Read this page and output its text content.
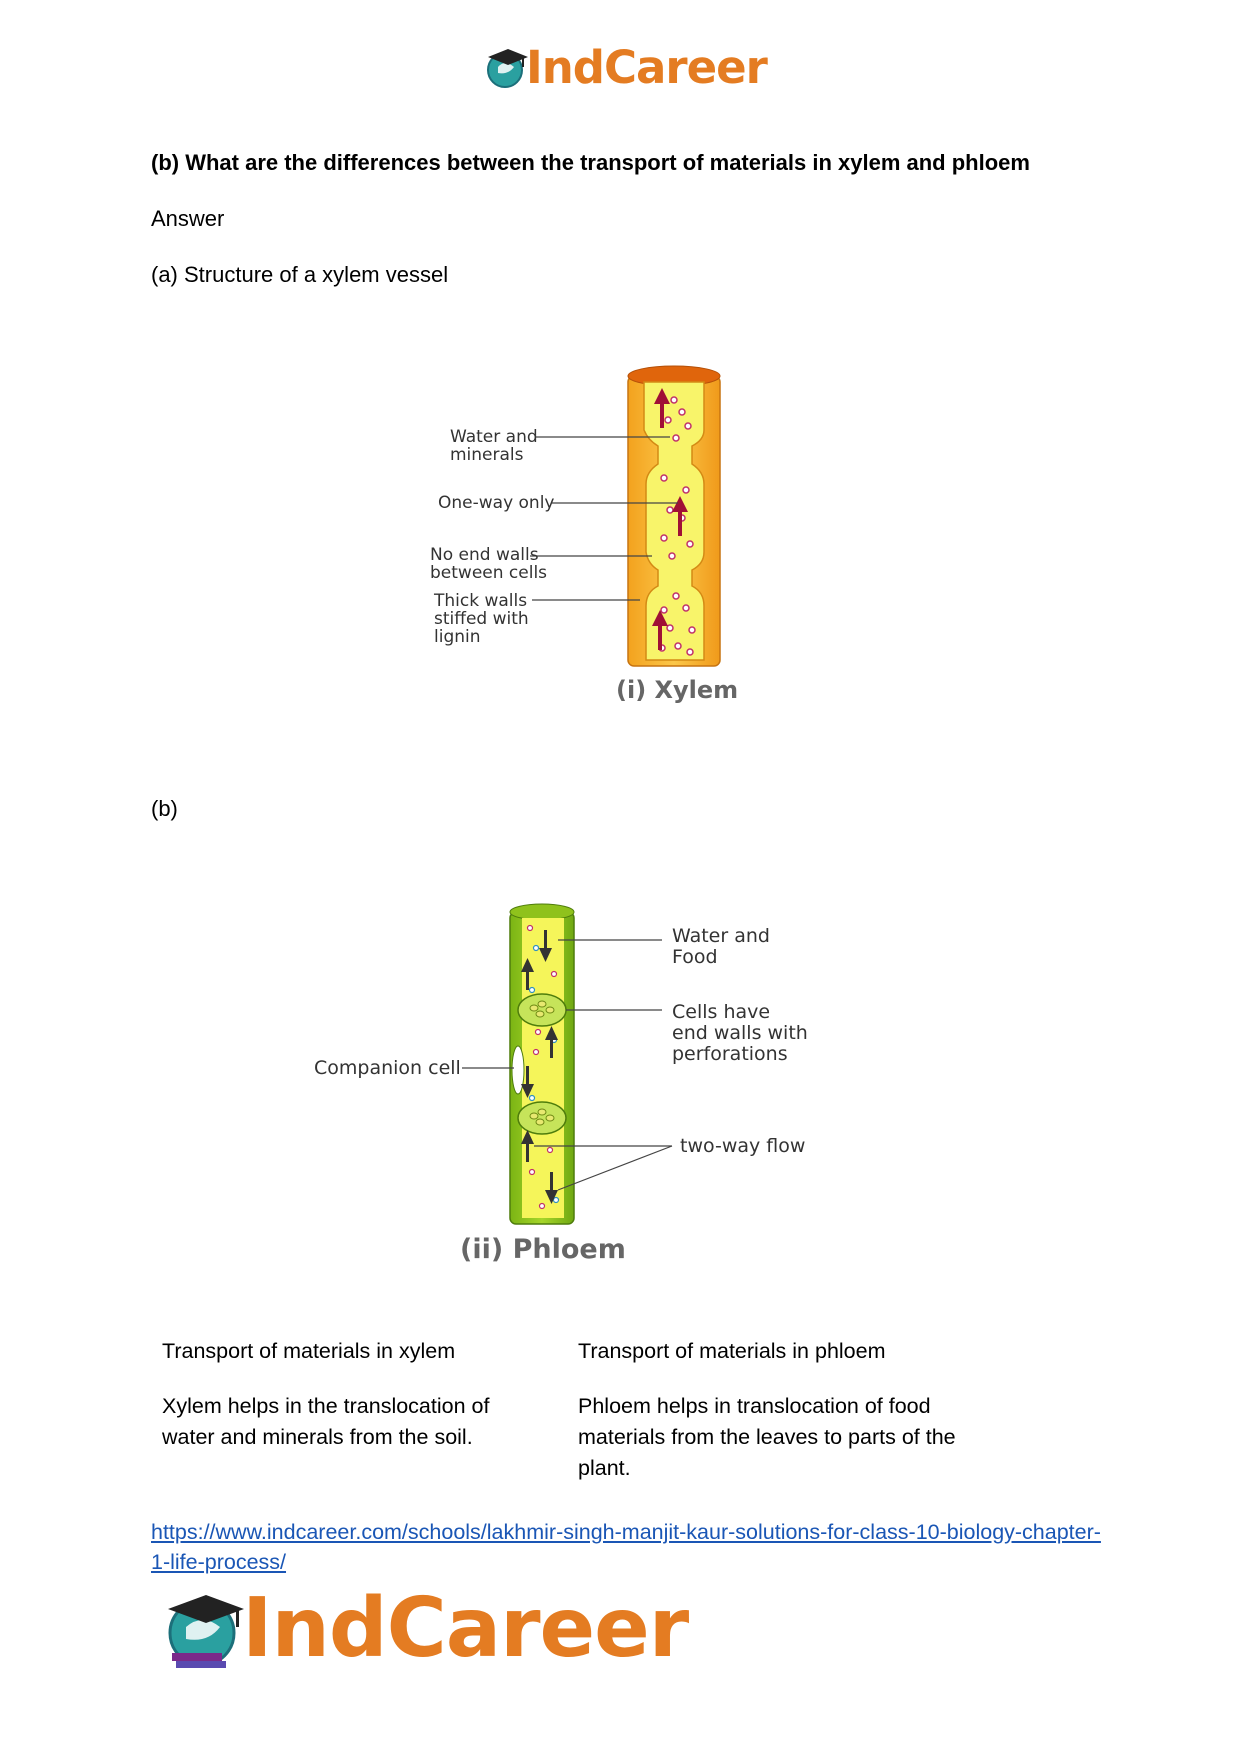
IndCareer
(b) What are the differences between the transport of materials in xylem and phloem
Answer
(a) Structure of a xylem vessel
Water and
minerals
One-way only
No end walls
between cells
Thick walls
stiffed with
lignin
(i) Xylem
(b)
Water and
Food
Cells have
end walls with
perforations
Companion cell
two-way flow
(ii) Phloem
Transport of materials in xylem	Transport of materials in phloem
Xylem helps in the translocation of water and minerals from the soil.
Phloem helps in translocation of food materials from the leaves to parts of the plant.
https://www.indcareer.com/schools/lakhmir-singh-manjit-kaur-solutions-for-class-10-biology-chapter-1-life-process/
IndCareer
